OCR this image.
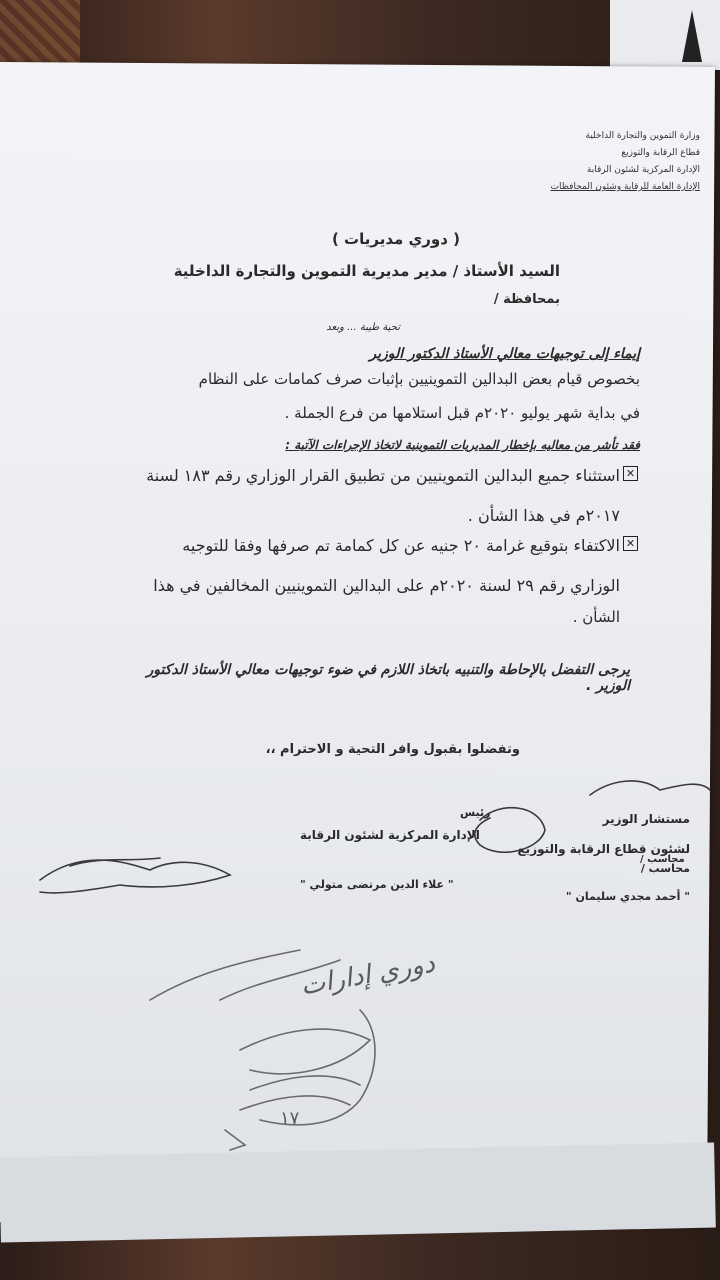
وزارة التموين والتجارة الداخلية
قطاع الرقابة والتوزيع
الإدارة المركزية لشئون الرقابة
الإدارة العامة للرقابة وشئون المحافظات
( دوري مديريات )
السيد الأستاذ / مدير مديرية التموين والتجارة الداخلية
بمحافظة /
تحية طيبة ... وبعد
إيماء إلى توجيهات معالي الأستاذ الدكتور الوزير
بخصوص قيام بعض البدالين التموينيين بإثبات صرف كمامات على النظام
في بداية شهر يوليو ٢٠٢٠م قبل استلامها من فرع الجملة .
فقد تأشر من معاليه بإخطار المديريات التموينية لاتخاذ الإجراءات الآتية :
✕
استثناء جميع البدالين التموينيين من تطبيق القرار الوزاري رقم ١٨٣ لسنة
٢٠١٧م في هذا الشأن .
✕
الاكتفاء بتوقيع غرامة ٢٠ جنيه عن كل كمامة تم صرفها وفقا للتوجيه
الوزاري رقم ٢٩ لسنة ٢٠٢٠م على البدالين التموينيين المخالفين في هذا
الشأن .
يرجى التفضل بالإحاطة والتنبيه باتخاذ اللازم في ضوء توجيهات معالي الأستاذ الدكتور
الوزير .
وتفضلوا بقبول وافر التحية و الاحترام ،،
مستشار الوزير
لشئون قطاع الرقابة والتوزيع
محاسب /
" أحمد مجدي سليمان "
رئيس
الإدارة المركزية لشئون الرقابة
محاسب /
" علاء الدين مرتضى متولي "
دوري إدارات
١٧
